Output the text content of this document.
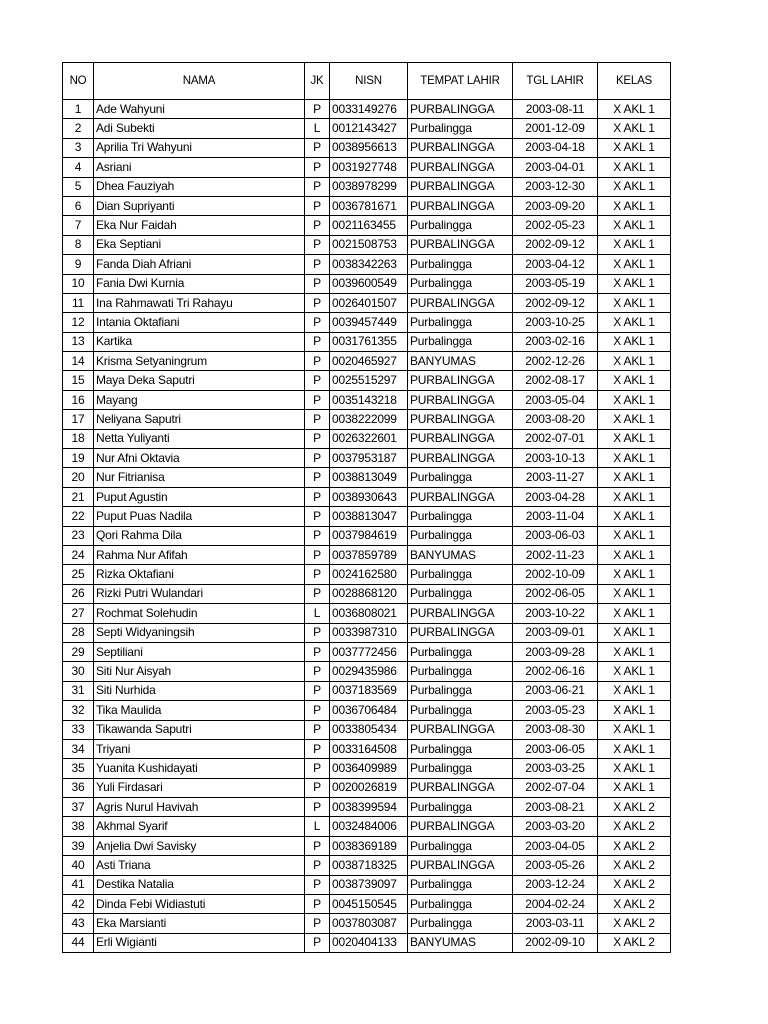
NO	NAMA	JK	NISN	TEMPAT LAHIR	TGL LAHIR	KELAS
1	Ade Wahyuni	P	0033149276	PURBALINGGA	2003-08-11	X AKL 1
2	Adi Subekti	L	0012143427	Purbalingga	2001-12-09	X AKL 1
3	Aprilia Tri Wahyuni	P	0038956613	PURBALINGGA	2003-04-18	X AKL 1
4	Asriani	P	0031927748	PURBALINGGA	2003-04-01	X AKL 1
5	Dhea Fauziyah	P	0038978299	PURBALINGGA	2003-12-30	X AKL 1
6	Dian Supriyanti	P	0036781671	PURBALINGGA	2003-09-20	X AKL 1
7	Eka Nur Faidah	P	0021163455	Purbalingga	2002-05-23	X AKL 1
8	Eka Septiani	P	0021508753	PURBALINGGA	2002-09-12	X AKL 1
9	Fanda Diah Afriani	P	0038342263	Purbalingga	2003-04-12	X AKL 1
10	Fania Dwi Kurnia	P	0039600549	Purbalingga	2003-05-19	X AKL 1
11	Ina Rahmawati Tri Rahayu	P	0026401507	PURBALINGGA	2002-09-12	X AKL 1
12	Intania Oktafiani	P	0039457449	Purbalingga	2003-10-25	X AKL 1
13	Kartika	P	0031761355	Purbalingga	2003-02-16	X AKL 1
14	Krisma Setyaningrum	P	0020465927	BANYUMAS	2002-12-26	X AKL 1
15	Maya Deka Saputri	P	0025515297	PURBALINGGA	2002-08-17	X AKL 1
16	Mayang	P	0035143218	PURBALINGGA	2003-05-04	X AKL 1
17	Neliyana Saputri	P	0038222099	PURBALINGGA	2003-08-20	X AKL 1
18	Netta Yuliyanti	P	0026322601	PURBALINGGA	2002-07-01	X AKL 1
19	Nur Afni Oktavia	P	0037953187	PURBALINGGA	2003-10-13	X AKL 1
20	Nur Fitrianisa	P	0038813049	Purbalingga	2003-11-27	X AKL 1
21	Puput Agustin	P	0038930643	PURBALINGGA	2003-04-28	X AKL 1
22	Puput Puas Nadila	P	0038813047	Purbalingga	2003-11-04	X AKL 1
23	Qori Rahma Dila	P	0037984619	Purbalingga	2003-06-03	X AKL 1
24	Rahma Nur Afifah	P	0037859789	BANYUMAS	2002-11-23	X AKL 1
25	Rizka Oktafiani	P	0024162580	Purbalingga	2002-10-09	X AKL 1
26	Rizki Putri Wulandari	P	0028868120	Purbalingga	2002-06-05	X AKL 1
27	Rochmat Solehudin	L	0036808021	PURBALINGGA	2003-10-22	X AKL 1
28	Septi Widyaningsih	P	0033987310	PURBALINGGA	2003-09-01	X AKL 1
29	Septiliani	P	0037772456	Purbalingga	2003-09-28	X AKL 1
30	Siti Nur Aisyah	P	0029435986	Purbalingga	2002-06-16	X AKL 1
31	Siti Nurhida	P	0037183569	Purbalingga	2003-06-21	X AKL 1
32	Tika Maulida	P	0036706484	Purbalingga	2003-05-23	X AKL 1
33	Tikawanda Saputri	P	0033805434	PURBALINGGA	2003-08-30	X AKL 1
34	Triyani	P	0033164508	Purbalingga	2003-06-05	X AKL 1
35	Yuanita Kushidayati	P	0036409989	Purbalingga	2003-03-25	X AKL 1
36	Yuli Firdasari	P	0020026819	PURBALINGGA	2002-07-04	X AKL 1
37	Agris Nurul Havivah	P	0038399594	Purbalingga	2003-08-21	X AKL 2
38	Akhmal Syarif	L	0032484006	PURBALINGGA	2003-03-20	X AKL 2
39	Anjelia Dwi Savisky	P	0038369189	Purbalingga	2003-04-05	X AKL 2
40	Asti Triana	P	0038718325	PURBALINGGA	2003-05-26	X AKL 2
41	Destika Natalia	P	0038739097	Purbalingga	2003-12-24	X AKL 2
42	Dinda Febi Widiastuti	P	0045150545	Purbalingga	2004-02-24	X AKL 2
43	Eka Marsianti	P	0037803087	Purbalingga	2003-03-11	X AKL 2
44	Erli Wigianti	P	0020404133	BANYUMAS	2002-09-10	X AKL 2
